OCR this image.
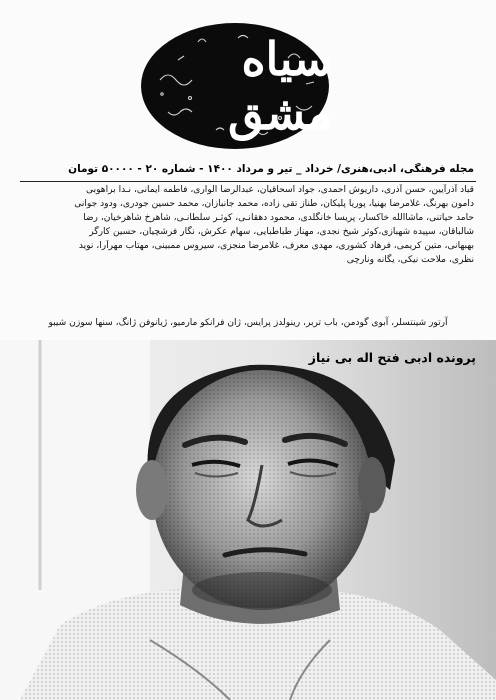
سیاه مشق
مجله فرهنگی، ادبی،هنری/ خرداد _ تیر و مرداد ۱۴۰۰ - شماره ۲۰ - ۵۰۰۰۰ تومان
قباد آذرآیین، حسن آذری، داریوش احمدی، جواد اسحاقیان، عبدالرضا الواری، فاطمه ایمانی، نـدا براهوبی
دامون بهرنگ، غلامرضا بهنیا، پوریا پلیکان، طناز تقی زاده، محمد جانبازان، محمد حسین جودری، ودود جوانی
حامد حیاتنی، ماشاالله خاکسار، پریسا خانگلدی، محمود دهقانـی، کوثـر سلطانـی، شاهرخ شاهرخیان، رضا
شالباقان، سپیده شهبازی،کوثر شیخ نجدی، مهناز طباطبایی، سهام عکرش، نگار فرشچیان، حسین کارگر
بهبهانی، متین کریمی، فرهاد کشوری، مهدی معرف، غلامرضا منجزی، سیروس ممبینی، مهتاب مهرآرا، نوید
نظری، ملاحت نیکی، یگانه ونارچی
آرتور شینتسلر، آبوی گودمن، باب تربر، رینولدز پرایس، ژان فرانکو مارمیو، ژیانوفن ژانگ، سنها سوزن شیبو
پرونده ادبی فتح اله بی نیاز
